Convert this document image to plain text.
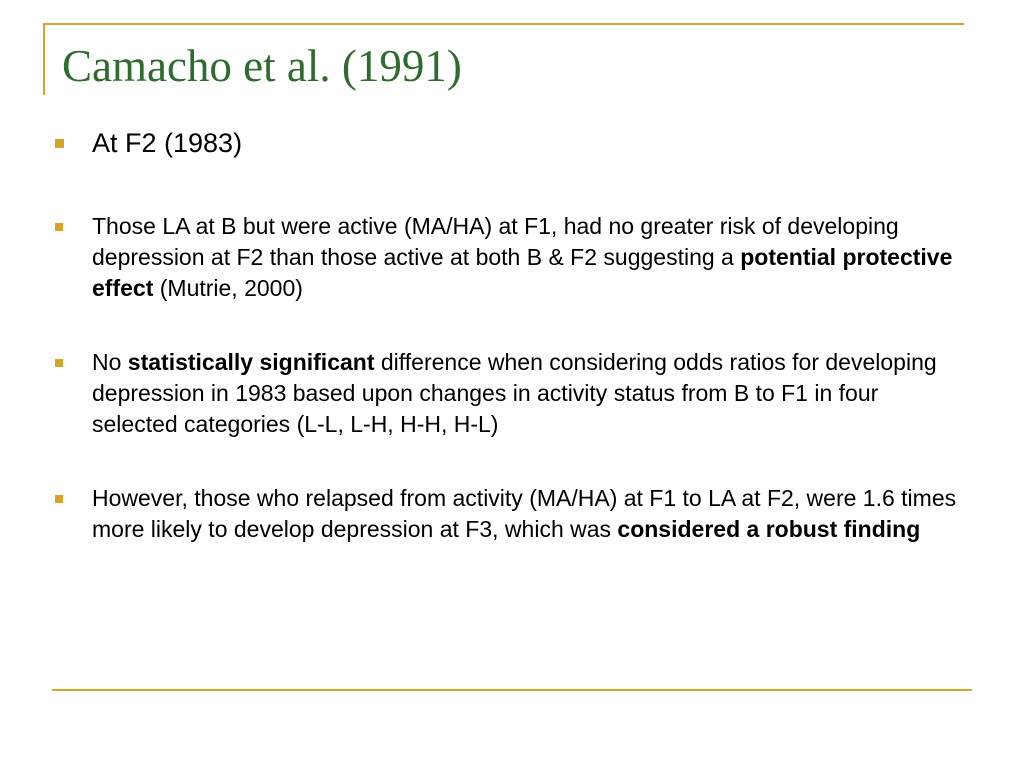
Camacho et al. (1991)
At F2 (1983)
Those LA at B but were active (MA/HA) at F1, had no greater risk of developing depression at F2 than those active at both B & F2 suggesting a potential protective effect (Mutrie, 2000)
No statistically significant difference when considering odds ratios for developing depression in 1983 based upon changes in activity status from B to F1 in four selected categories (L-L, L-H, H-H, H-L)
However, those who relapsed from activity (MA/HA) at F1 to LA at F2, were 1.6 times more likely to develop depression at F3, which was considered a robust finding
